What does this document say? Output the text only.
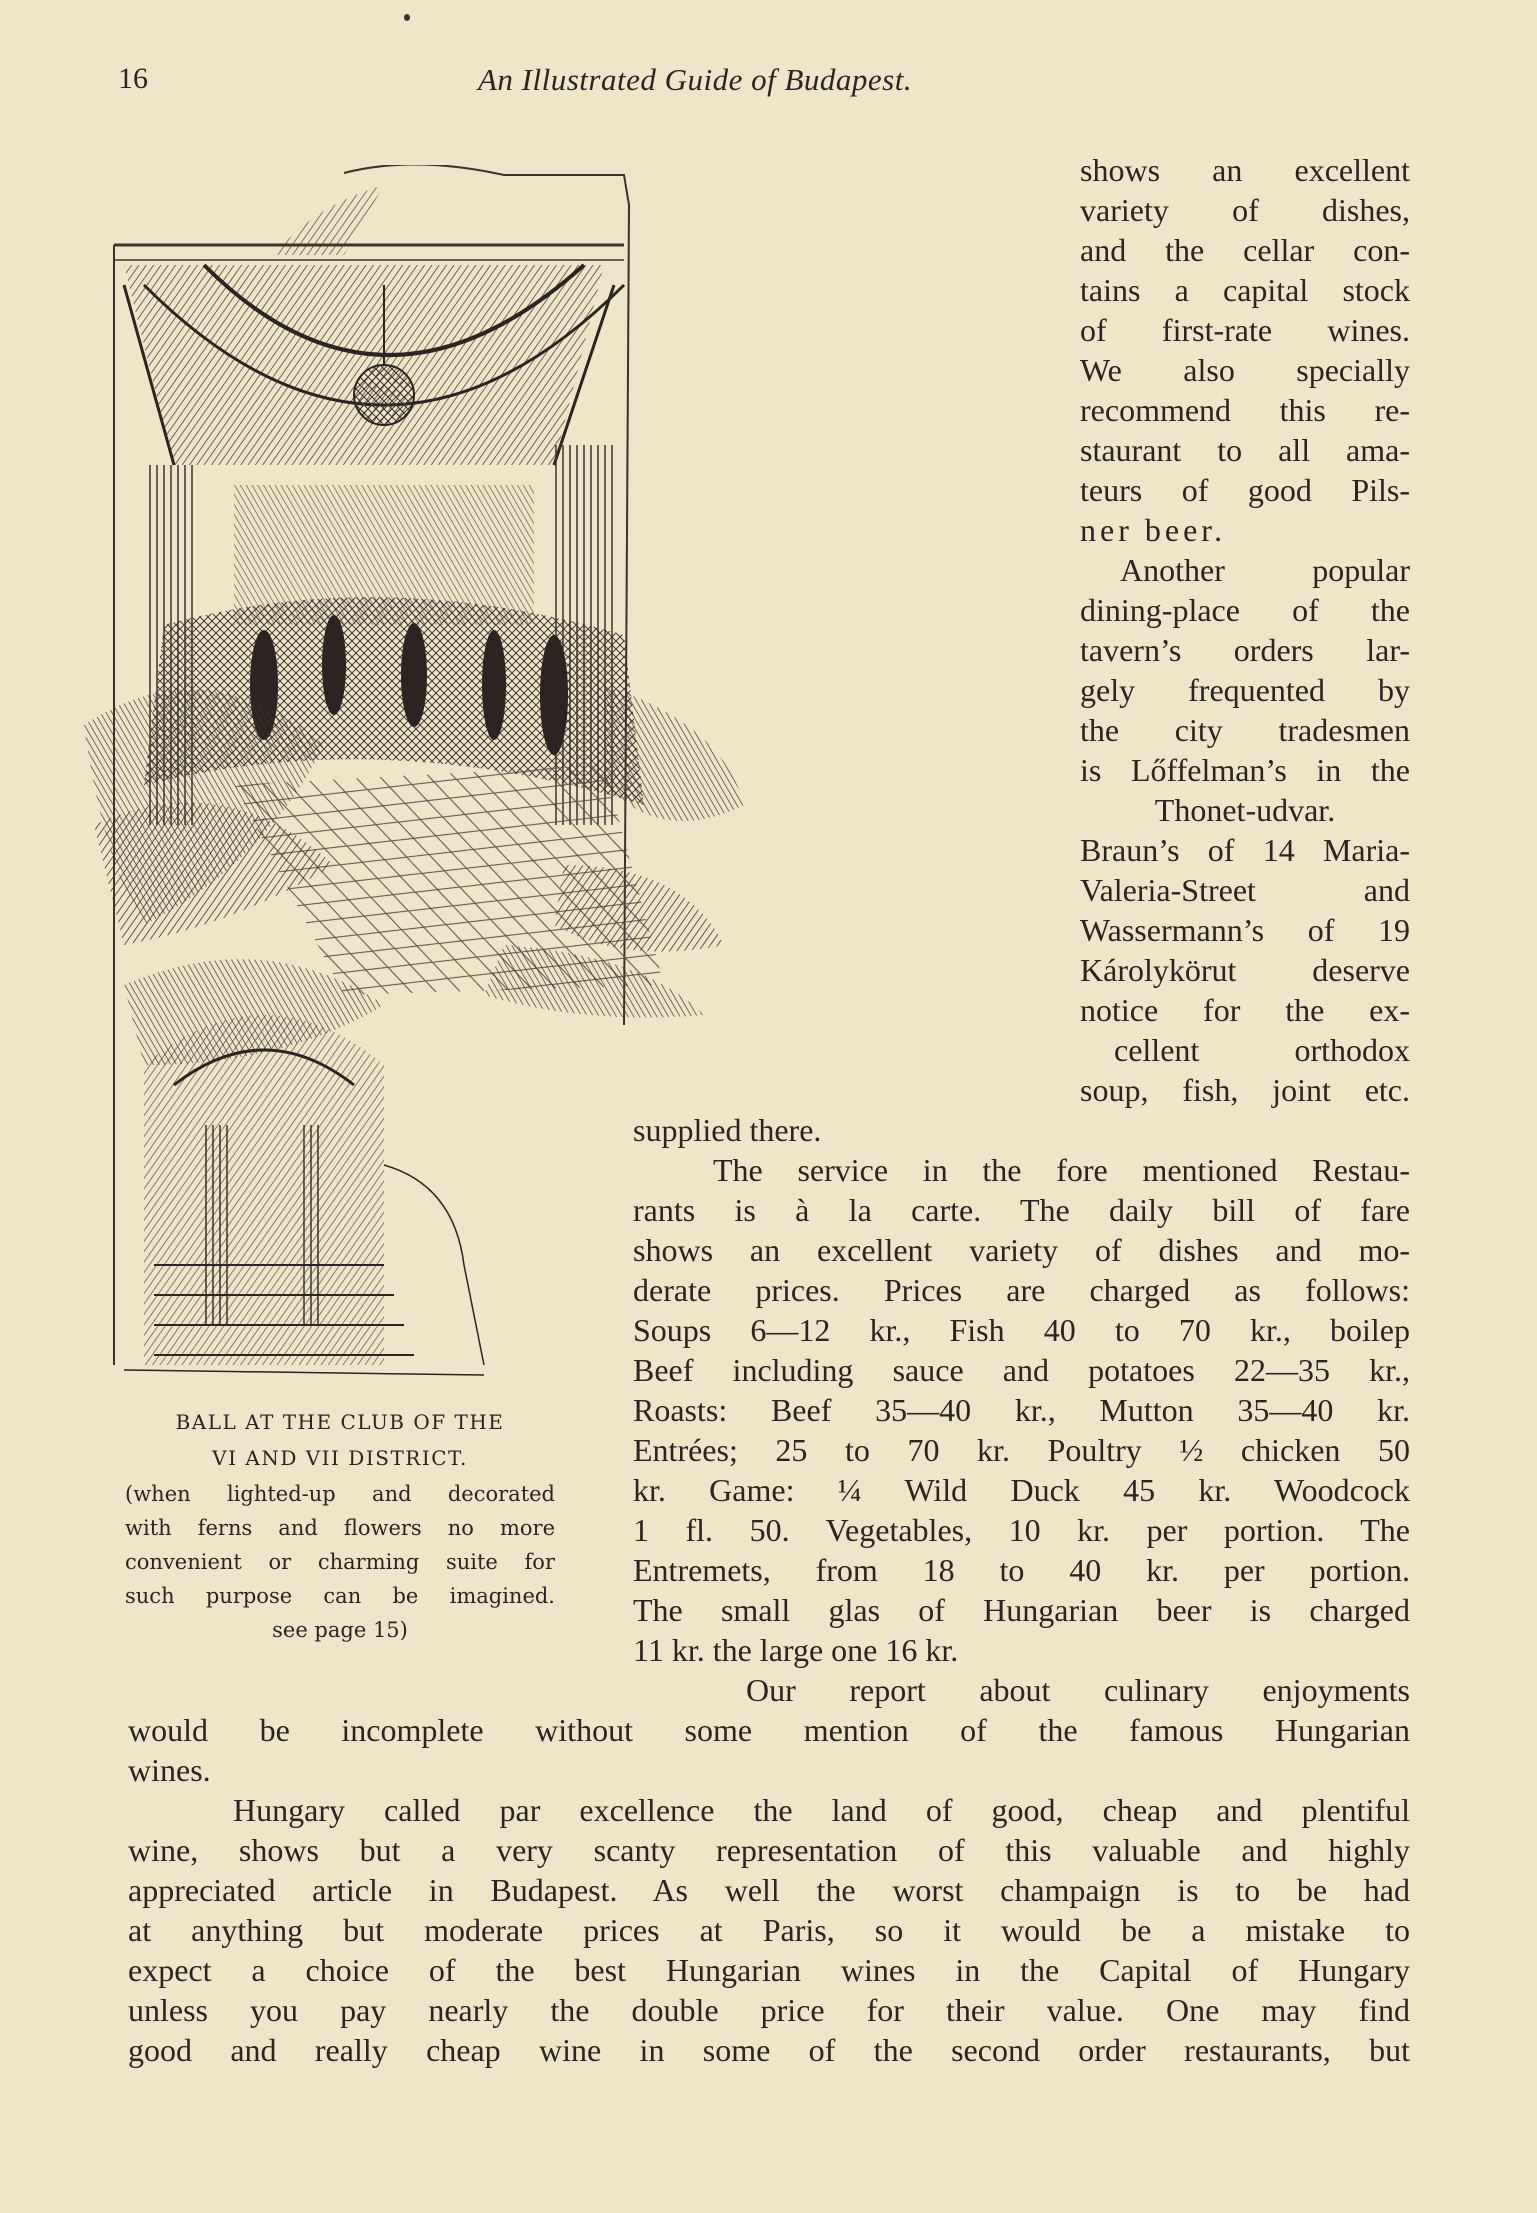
16	An Illustrated Guide of Budapest.
shows an excellent
variety of dishes,
and the cellar con-
tains a capital stock
of first-rate wines.
We also specially
recommend this re-
staurant to all ama-
teurs of good Pils-
ner beer.
Another popular
dining-place of the
tavern’s orders lar-
gely frequented by
the city tradesmen
is Lőffelman’s in the
Thonet-udvar.
Braun’s of 14 Maria-
Valeria-Street and
Wassermann’s of 19
Károlykörut deserve
notice for the ex-
cellent orthodox
soup, fish, joint etc.
supplied there.
The service in the fore mentioned Restau-
rants is à la carte. The daily bill of fare
shows an excellent variety of dishes and mo-
derate prices. Prices are charged as follows:
Soups 6—12 kr., Fish 40 to 70 kr., boilep
Beef including sauce and potatoes 22—35 kr.,
Roasts: Beef 35—40 kr., Mutton 35—40 kr.
Entrées; 25 to 70 kr. Poultry ½ chicken 50
kr. Game: ¼ Wild Duck 45 kr. Woodcock
1 fl. 50. Vegetables, 10 kr. per portion. The
Entremets, from 18 to 40 kr. per portion.
The small glas of Hungarian beer is charged
11 kr. the large one 16 kr.
Our report about culinary enjoyments
would be incomplete without some mention of the famous Hungarian
wines.
Hungary called par excellence the land of good, cheap and plentiful
wine, shows but a very scanty representation of this valuable and highly
appreciated article in Budapest. As well the worst champaign is to be had
at anything but moderate prices at Paris, so it would be a mistake to
expect a choice of the best Hungarian wines in the Capital of Hungary
unless you pay nearly the double price for their value. One may find
good and really cheap wine in some of the second order restaurants, but
BALL AT THE CLUB OF THE
VI AND VII DISTRICT.
(when lighted-up and decorated
with ferns and flowers no more
convenient or charming suite for
such purpose can be imagined.
see page 15)
